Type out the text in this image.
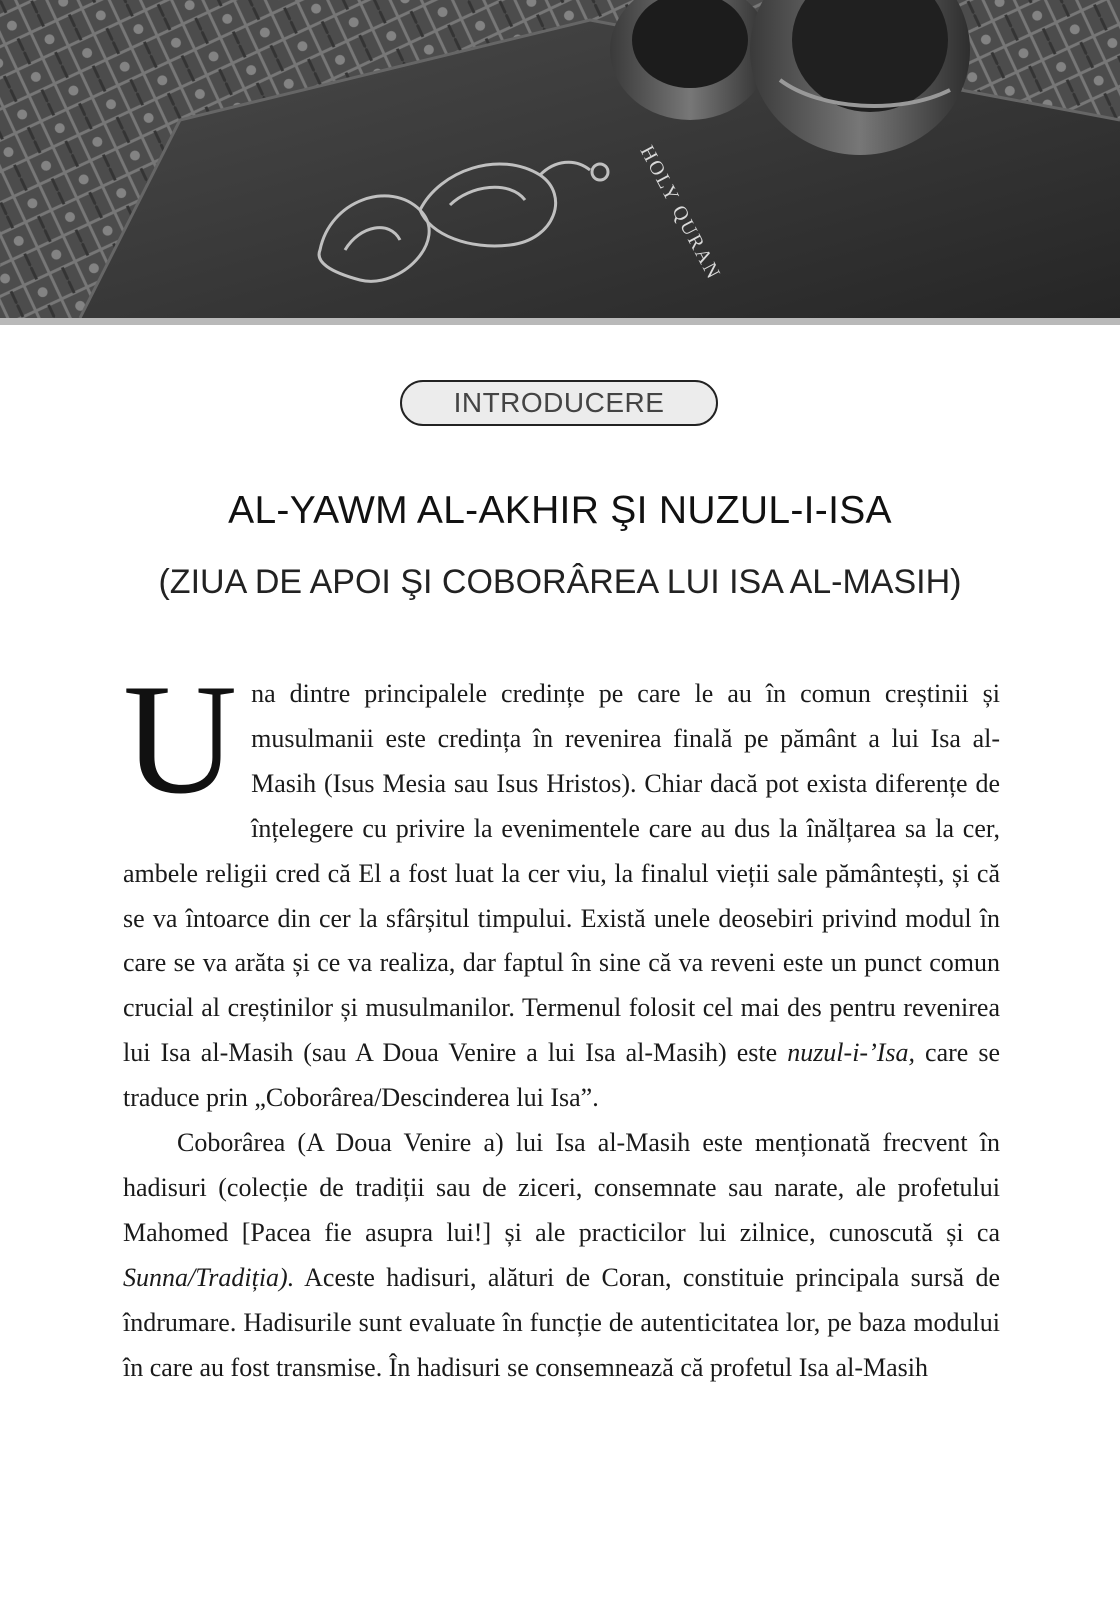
HOLY QURAN
INTRODUCERE
AL-YAWM AL-AKHIR ŞI NUZUL-I-ISA
(ZIUA DE APOI ŞI COBORÂREA LUI ISA AL-MASIH)

Una dintre principalele credințe pe care le au în comun creștinii și musulmanii este credința în revenirea finală pe pământ a lui Isa al-Masih (Isus Mesia sau Isus Hristos). Chiar dacă pot exista diferențe de înțelegere cu privire la evenimentele care au dus la înălțarea sa la cer, ambele religii cred că El a fost luat la cer viu, la finalul vieții sale pământești, și că se va întoarce din cer la sfârșitul timpului. Există unele deosebiri privind modul în care se va arăta și ce va realiza, dar faptul în sine că va reveni este un punct comun crucial al creștinilor și musulmanilor. Termenul folosit cel mai des pentru revenirea lui Isa al-Masih (sau A Doua Venire a lui Isa al-Masih) este nuzul-i-’Isa, care se traduce prin „Coborârea/Descinderea lui Isa”.

Coborârea (A Doua Venire a) lui Isa al-Masih este menționată frecvent în hadisuri (colecție de tradiții sau de ziceri, consemnate sau narate, ale profetului Mahomed [Pacea fie asupra lui!] și ale practicilor lui zilnice, cunoscută și ca Sunna/Tradiția). Aceste hadisuri, alături de Coran, constituie principala sursă de îndrumare. Hadisurile sunt evaluate în funcție de autenticitatea lor, pe baza modului în care au fost transmise. În hadisuri se consemnează că profetul Isa al-Masih
